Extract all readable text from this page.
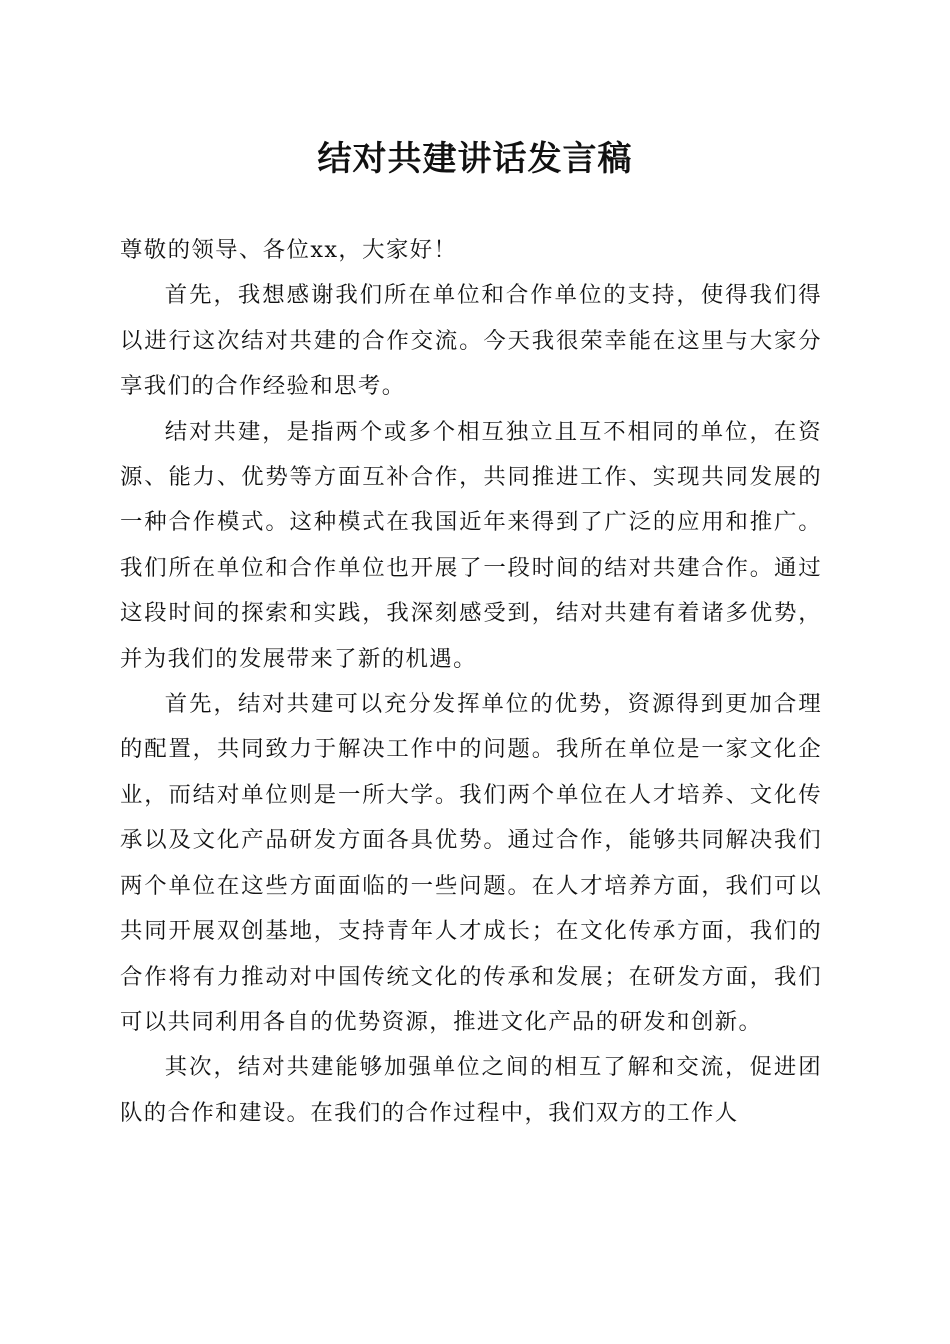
结对共建讲话发言稿

尊敬的领导、各位xx，大家好！

首先，我想感谢我们所在单位和合作单位的支持，使得我们得以进行这次结对共建的合作交流。今天我很荣幸能在这里与大家分享我们的合作经验和思考。

结对共建，是指两个或多个相互独立且互不相同的单位，在资源、能力、优势等方面互补合作，共同推进工作、实现共同发展的一种合作模式。这种模式在我国近年来得到了广泛的应用和推广。我们所在单位和合作单位也开展了一段时间的结对共建合作。通过这段时间的探索和实践，我深刻感受到，结对共建有着诸多优势，并为我们的发展带来了新的机遇。

首先，结对共建可以充分发挥单位的优势，资源得到更加合理的配置，共同致力于解决工作中的问题。我所在单位是一家文化企业，而结对单位则是一所大学。我们两个单位在人才培养、文化传承以及文化产品研发方面各具优势。通过合作，能够共同解决我们两个单位在这些方面面临的一些问题。在人才培养方面，我们可以共同开展双创基地，支持青年人才成长；在文化传承方面，我们的合作将有力推动对中国传统文化的传承和发展；在研发方面，我们可以共同利用各自的优势资源，推进文化产品的研发和创新。

其次，结对共建能够加强单位之间的相互了解和交流，促进团队的合作和建设。在我们的合作过程中，我们双方的工作人
